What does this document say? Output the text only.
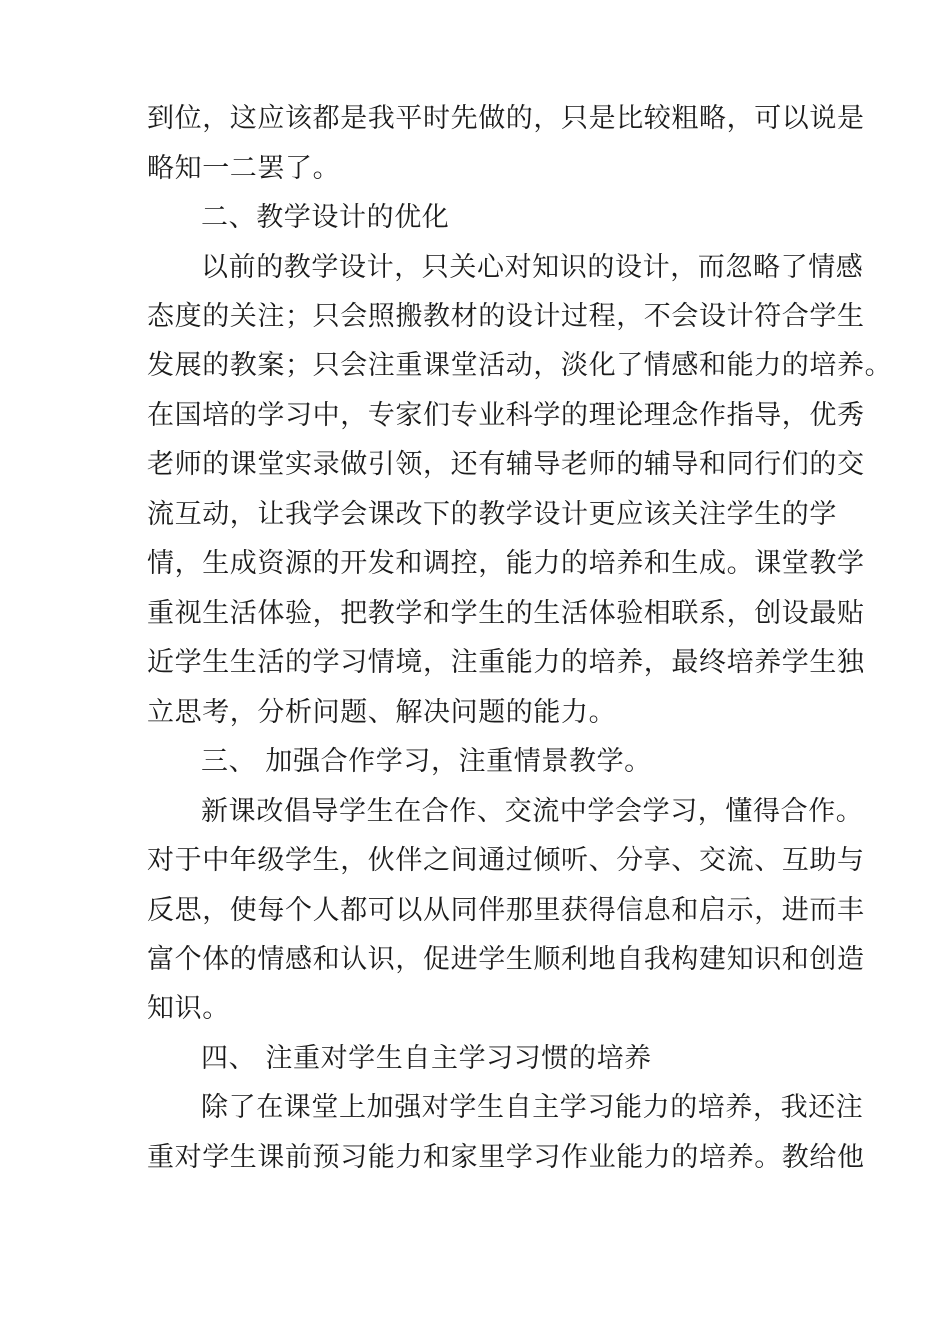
到位，这应该都是我平时先做的，只是比较粗略，可以说是
略知一二罢了。
二、教学设计的优化
以前的教学设计，只关心对知识的设计，而忽略了情感
态度的关注；只会照搬教材的设计过程，不会设计符合学生
发展的教案；只会注重课堂活动，淡化了情感和能力的培养。
在国培的学习中，专家们专业科学的理论理念作指导，优秀
老师的课堂实录做引领，还有辅导老师的辅导和同行们的交
流互动，让我学会课改下的教学设计更应该关注学生的学
情，生成资源的开发和调控，能力的培养和生成。课堂教学
重视生活体验，把教学和学生的生活体验相联系，创设最贴
近学生生活的学习情境，注重能力的培养，最终培养学生独
立思考，分析问题、解决问题的能力。
三、 加强合作学习，注重情景教学。
新课改倡导学生在合作、交流中学会学习，懂得合作。
对于中年级学生，伙伴之间通过倾听、分享、交流、互助与
反思，使每个人都可以从同伴那里获得信息和启示，进而丰
富个体的情感和认识，促进学生顺利地自我构建知识和创造
知识。
四、 注重对学生自主学习习惯的培养
除了在课堂上加强对学生自主学习能力的培养，我还注
重对学生课前预习能力和家里学习作业能力的培养。教给他
